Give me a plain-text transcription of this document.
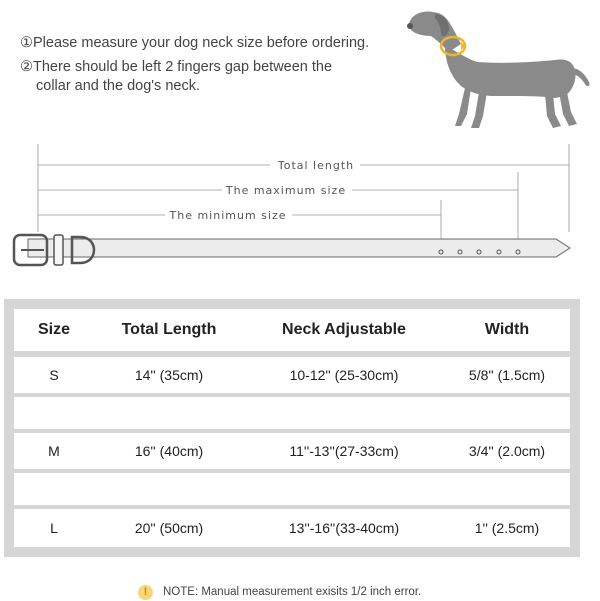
①Please measure your dog neck size before ordering.
②There should be left 2 fingers gap between the
collar and the dog's neck.
Total length
The maximum size
The minimum size
Size	Total Length	Neck Adjustable	Width
S	14'' (35cm)	10-12'' (25-30cm)	5/8'' (1.5cm)
M	16'' (40cm)	11''-13''(27-33cm)	3/4'' (2.0cm)
L	20'' (50cm)	13''-16''(33-40cm)	1'' (2.5cm)
!	NOTE: Manual measurement exisits 1/2 inch error.
